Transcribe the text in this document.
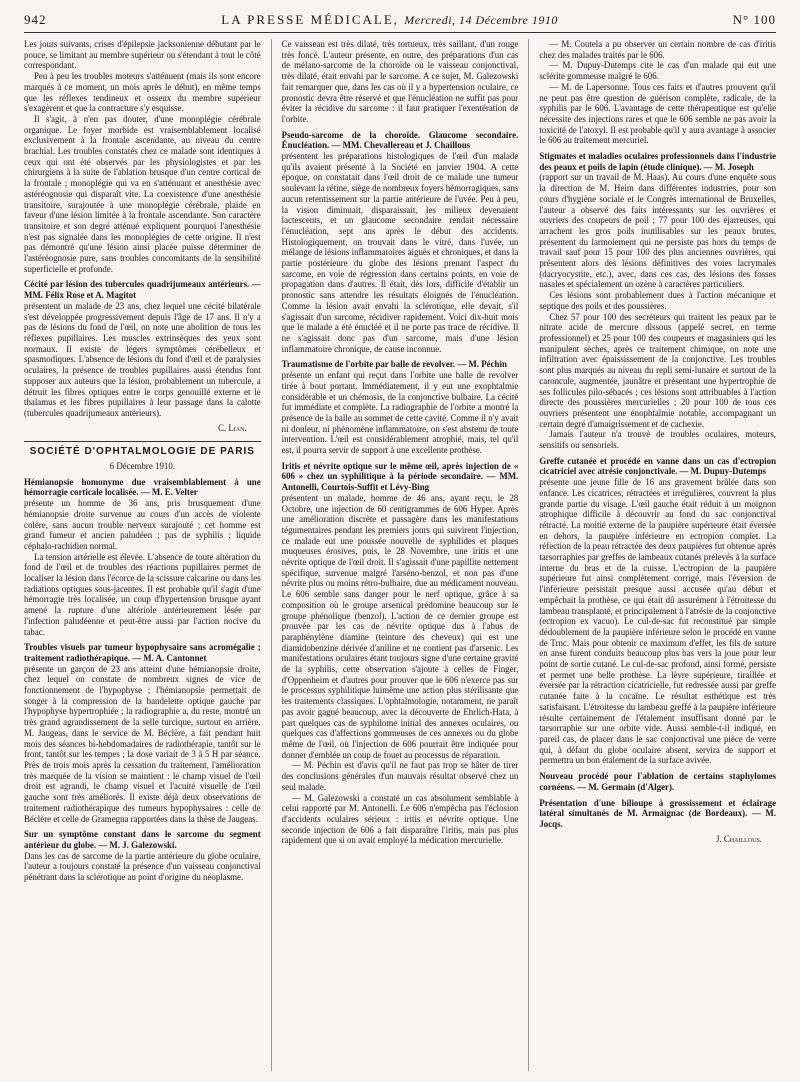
942	LA PRESSE MÉDICALE, Mercredi, 14 Décembre 1910	N° 100

Les jours suivants, crises d'épilepsie jacksonienne débutant par le pouce, se limitant au membre supérieur ou s'étendant à tout le côté correspondant.

Peu à peu les troubles moteurs s'atténuent (mais ils sont encore marqués à ce moment, un mois après le début), en même temps que les réflexes tendineux et osseux du membre supérieur s'exagèrent et que la contracture s'y esquisse.

Il s'agit, à n'en pas douter, d'une monoplégie cérébrale organique. Le foyer morbide est vraisemblablement localisé exclusivement à la frontale ascendante, au niveau du centre brachial. Les troubles constatés chez ce malade sont identiques à ceux qui ont été observés par les physiologistes et par les chirurgiens à la suite de l'ablation brusque d'un centre cortical de la frontale ; monoplégie qui va en s'atténuant et anesthésie avec astéréognosie qui disparaît vite. La coexistence d'une anesthésie transitoire, surajoutée à une monoplégie cérébrale, plaide en faveur d'une lésion limitée à la frontale ascendante. Son caractère transitoire et son degré atténué expliquent pourquoi l'anesthésie n'est pas signalée dans les monoplégies de cette origine. Il n'est pas démontré qu'une lésion ainsi placée puisse déterminer de l'astéréognosie pure, sans troubles concomitants de la sensibilité superficielle et profonde.

Cécité par lésion des tubercules quadrijumeaux antérieurs. — MM. Félix Rose et A. Magitot

présentent un malade de 23 ans, chez lequel une cécité bilatérale s'est développée progressivement depuis l'âge de 17 ans. Il n'y a pas de lésions du fond de l'œil, on note une abolition de tous les réflexes pupillaires. Les muscles extrinsèques des yeux sont normaux. Il existe de légers symptômes cérébelleux et spasmodiques. L'absence de lésions du fond d'œil et de paralysies oculaires, la présence de troubles pupillaires aussi étendus font supposer aux auteurs que la lésion, probablement un tubercule, a détruit les fibres optiques entre le corps genouillé externe et le thalamus et les fibres pupillaires à leur passage dans la calotte (tubercules quadrijumeaux antérieurs).

C. Lian.
SOCIÉTÉ D'OPHTALMOLOGIE DE PARIS
6 Décembre 1910.

Hémianopsie homonyme due vraisemblablement à une hémorragie corticale localisée. — M. E. Velter

présente un homme de 36 ans, pris brusquement d'une hémianopsie droite survenue au cours d'un accès de violente colère, sans aucun trouble nerveux surajouté ; cet homme est grand fumeur et ancien paludéen ; pas de syphilis ; liquide céphalo-rachidien normal.

La tension artérielle est élevée. L'absence de toute altération du fond de l'œil et de troubles des réactions pupillaires permet de localiser la lésion dans l'écorce de la scissure calcarine ou dans les radiations optiques sous-jacentes. Il est probable qu'il s'agit d'une hémorragie très localisée, un coup d'hypertension brusque ayant amené la rupture d'une altériole antérieurement lésée par l'infection paludéenne et peut-être aussi par l'action nocive du tabac.

Troubles visuels par tumeur hypophysaire sans acromégalie ; traitement radiothérapique. — M. A. Cantonnet

présente un garçon de 23 ans atteint d'une hémianopsie droite, chez lequel on constate de nombreux signes de vice de fonctionnement de l'hypophyse ; l'hémianopsie permettait de songer à la compression de la bandelette optique gauche par l'hypophyse hypertrophiée ; la radiographie a, du reste, montré un très grand agrandissement de la selle turcique, surtout en arrière. M. Jaugeas, dans le service de M. Béclère, a fait pendant huit mois des séances bi-hebdomadaires de radiothérapie, tantôt sur le front, tantôt sur les tempes ; la dose variait de 3 à 5 H par séance. Près de trois mois après la cessation du traitement, l'amélioration très marquée de la vision se maintient : le champ visuel de l'œil droit est agrandi, le champ visuel et l'acuité visuelle de l'œil gauche sont très améliorés. Il existe déjà deux observations de traitement radiothérapique des tumeurs hypophysaires : celle de Béclère et celle de Gramegna rapportées dans la thèse de Jaugeas.

Sur un symptôme constant dans le sarcome du segment antérieur du globe. — M. J. Galezowski.

Dans les cas de sarcome de la partie antérieure du globe oculaire, l'auteur a toujours constaté la présence d'un vaisseau conjonctival pénétrant dans la sclérotique au point d'origine du néoplasme.

Ce vaisseau est très dilaté, très tortueux, très saillant, d'un rouge très foncé. L'auteur présente, en outre, des préparations d'un cas de mélano-sarcome de la choroïde où le vaisseau conjonctival, très dilaté, était envahi par le sarcome. A ce sujet, M. Galezowski fait remarquer que, dans les cas où il y a hypertension oculaire, ce pronostic devra être réservé et que l'énucléation ne suffit pas pour éviter la récidive du sarcome : il faut pratiquer l'exentération de l'orbite.

Pseudo-sarcome de la choroïde. Glaucome secondaire. Énucléation. — MM. Chevallereau et J. Chaillous

présentent les préparations histologiques de l'œil d'un malade qu'ils avaient présenté à la Société en janvier 1904. A cette époque, on constatait dans l'œil droit de ce malade une tumeur soulevant la rétine, siège de nombreux foyers hémorragiques, sans aucun retentissement sur la partie antérieure de l'uvée. Peu à peu, la vision diminuait, disparaissait, les milieux devenaient lactescents, et un glaucome secondaire rendait nécessaire l'énucléation, sept ans après le début des accidents. Histologiquement, on trouvait dans le vitré, dans l'uvée, un mélange de lésions inflammatoires aiguës et chroniques, et dans la partie postérieure du globe des lésions prenant l'aspect du sarcome, en voie de régression dans certains points, en voie de propagation dans d'autres. Il était, dès lors, difficile d'établir un pronostic sans attendre les résultats éloignés de l'énucléation. Comme la lésion avait envahi la sclérotique, elle devait, s'il s'agissait d'un sarcome, récidiver rapidement. Voici dix-huit mois que le malade a été énucléé et il ne porte pas trace de récidive. Il ne s'agissait donc pas d'un sarcome, mais d'une lésion inflammatoire chronique, de cause inconnue.

Traumatisme de l'orbite par balle de revolver. — M. Péchin

présente un enfant qui reçut dans l'orbite une balle de revolver tirée à bout portant. Immédiatement, il y eut une exophtalmie considérable et un chémosis, de la conjonctive bulbaire. La cécité fut immédiate et complète. La radiographie de l'orbite a montré la présence de la balle au sommet de cette cavité. Comme il n'y avait ni douleur, ni phénomène inflammatoire, on s'est abstenu de toute intervention. L'œil est considérablement atrophié, mais, tel qu'il est, il pourra servir de support à une excellente prothèse.

Iritis et névrite optique sur le même œil, après injection de « 606 » chez un syphilitique à la période secondaire. — MM. Antonelli, Courtois-Suffit et Lévy-Bing

présentent un malade, homme de 46 ans, ayant reçu, le 28 Octobre, une injection de 60 centigrammes de 606 Hyper. Après une amélioration discrète et passagère dans les manifestations tégumentaires pendant les premiers jours qui suivirent l'injection, ce malade eut une poussée nouvelle de syphilides et plaques muqueuses érosives, puis, le 28 Novembre, une iritis et une névrite optique de l'œil droit. Il s'agissait d'une papillite nettement spécifique, survenue malgré l'arséno-benzol, et non pas d'une névrite plus ou moins rétro-bulbaire, due au médicament nouveau. Le 606 semble sans danger pour le nerf optique, grâce à sa composition où le groupe arsenical prédomine beaucoup sur le groupe phénolique (benzol). L'action de ce dernier groupe est prouvée par les cas de névrite optique dus à l'abus de paraphénylène diamine (teinture des cheveux) qui est une diamidobenzine dérivée d'aniline et ne contient pas d'arsenic. Les manifestations oculaires étant toujours signe d'une certaine gravité de la syphilis, cette observation s'ajoute à celles de Finger, d'Oppenheim et d'autres pour prouver que le 606 n'exerce pas sur le processus syphilitique luimême une action plus stérilisante que les traitements classiques. L'ophtalmologie, notamment, ne paraît pas avoir gagné beaucoup, avec la découverte de Ehrlich-Hata, à part quelques cas de syphilome initial des annexes oculaires, ou quelques cas d'affections gommeuses de ces annexes ou du globe même de l'œil, où l'injection de 606 pourrait être indiquée pour donner d'emblée un coup de fouet au processus de réparation.

— M. Péchin est d'avis qu'il ne faut pas trop se hâter de tirer des conclusions générales d'un mauvais résultat observé chez un seul malade.

— M. Galezowski a constaté un cas absolument semblable à celui rapporté par M. Antonelli. Le 606 n'empêcha pas l'éclosion d'accidents oculaires sérieux : iritis et névrite optique. Une seconde injection de 606 a fait disparaître l'iritis, mais pas plus rapidement que si on avait employé la médication mercurielle.

— M. Coutela a pu observer un certain nombre de cas d'iritis chez des malades traités par le 606.

— M. Dupuy-Dutemps cite le cas d'un malade qui eut une sclérite gommeuse malgré le 606.

— M. de Lapersonne. Tous ces faits et d'autres prouvent qu'il ne peut pas être question de guérison complète, radicale, de la syphilis par le 606. L'avantage de cette thérapeutique est qu'elle nécessite des injections rares et que le 606 semble ne pas avoir la toxicité de l'atoxyl. Il est probable qu'il y aura avantage à associer le 606 au traitement mercuriel.

Stigmates et maladies oculaires professionnels dans l'industrie des peaux et poils de lapin (étude clinique). — M. Joseph

(rapport sur un travail de M. Haas). Au cours d'une enquête sous la direction de M. Heim dans différentes industries, pour son cours d'hygiène sociale et le Congrès international de Bruxelles, l'auteur a observé des faits intéressants sur les ouvrières et ouvriers des coupeurs de poil ; 77 pour 100 des éjarreuses, qui arrachent les gros poils inutilisables sur les peaux brutes, présentent du larmoiement qui ne persiste pas hors du temps de travail sauf pour 15 pour 100 des plus anciennes ouvrières, qui présentent alors des lésions définitives des voies lacrymales (dacryocystite, etc.), avec, dans ces cas, des lésions des fosses nasales et spécialement un ozène à caractères particuliers.

Ces lésions sont probablement dues à l'action mécanique et septique des poils et des poussières.

Chez 57 pour 100 des secréteurs qui traitent les peaux par le nitrate acide de mercure dissous (appelé secret, en terme professionnel) et 25 pour 100 des coupeurs et magasiniers qui les manipulent sèches, après ce traitement chimique, on note une infiltration avec épaississement de la conjonctive. Les troubles sont plus marqués au niveau du repli semi-lunaire et surtout de la caroncule, augmentée, jaunâtre et présentant une hypertrophie de ses follicules pilo-sébacés ; ces lésions sont attribuables à l'action directe des poussières mercurielles ; 20 pour 100 de tous ces ouvriers présentent une énophtalmie notable, accompagnant un certain degré d'amaigrissement et de cachexie.

Jamais l'auteur n'a trouvé de troubles oculaires, moteurs, sensitifs ou sensoriels.

Greffe cutanée et procédé en vanne dans un cas d'ectropion cicatriciel avec atrésie conjonctivale. — M. Dupuy-Dutemps

présente une jeune fille de 16 ans gravement brûlée dans son enfance. Les cicatrices, rétractées et irrégulières, couvrent la plus grande partie du visage. L'œil gauche était réduit à un moignon atrophique difficile à découvrir au fond du sac conjonctival rétracté. La moitié externe de la paupière supérieure était éversée en dehors, la paupière inférieure en ectropion complet. La réfection de la peau rétractée des deux paupières fut obtenue après tarsorraphies par greffes de lambeaux cutanés prélevés à la surface interne du bras et de la cuisse. L'ectropion de la paupière supérieure fut ainsi complètement corrigé, mais l'éversion de l'inférieure persistait presque aussi accusée qu'au début et empêchait la prothèse, ce qui était dû assurément à l'étroitesse du lambeau transplanté, et principalement à l'atrésie de la conjonctive (ectropion ex vacuo). Le cul-de-sac fut reconstitué par simple dédoublement de la paupière inférieure selon le procédé en vanne de Trnc. Mais pour obtenir ce maximum d'effet, les fils de suture en anse furent conduits beaucoup plus bas vers la joue pour leur point de sortie cutané. Le cul-de-sac profond, ainsi formé, persiste et permet une belle prothèse. La lèvre supérieure, tiraillée et éversée par la rétraction cicatricielle, fut redressée aussi par greffe cutanée faite à la cocaïne. Le résultat esthétique est très satisfaisant. L'étroitesse du lambeau greffé à la paupière inférieure résulte certainement de l'étalement insuffisant donné par le tarsorraphie sur une orbite vide. Aussi semble-t-il indiqué, en pareil cas, de placer dans le sac conjonctival une pièce de verre qui, à défaut du globe oculaire absent, servira de support et permettra un bon étalement de la surface avivée.

Nouveau procédé pour l'ablation de certains staphylomes cornéens. — M. Germain (d'Alger).

Présentation d'une bilioupe à grossissement et éclairage latéral simultanés de M. Armaignac (de Bordeaux). — M. Jocqs.

J. Chaillous.
